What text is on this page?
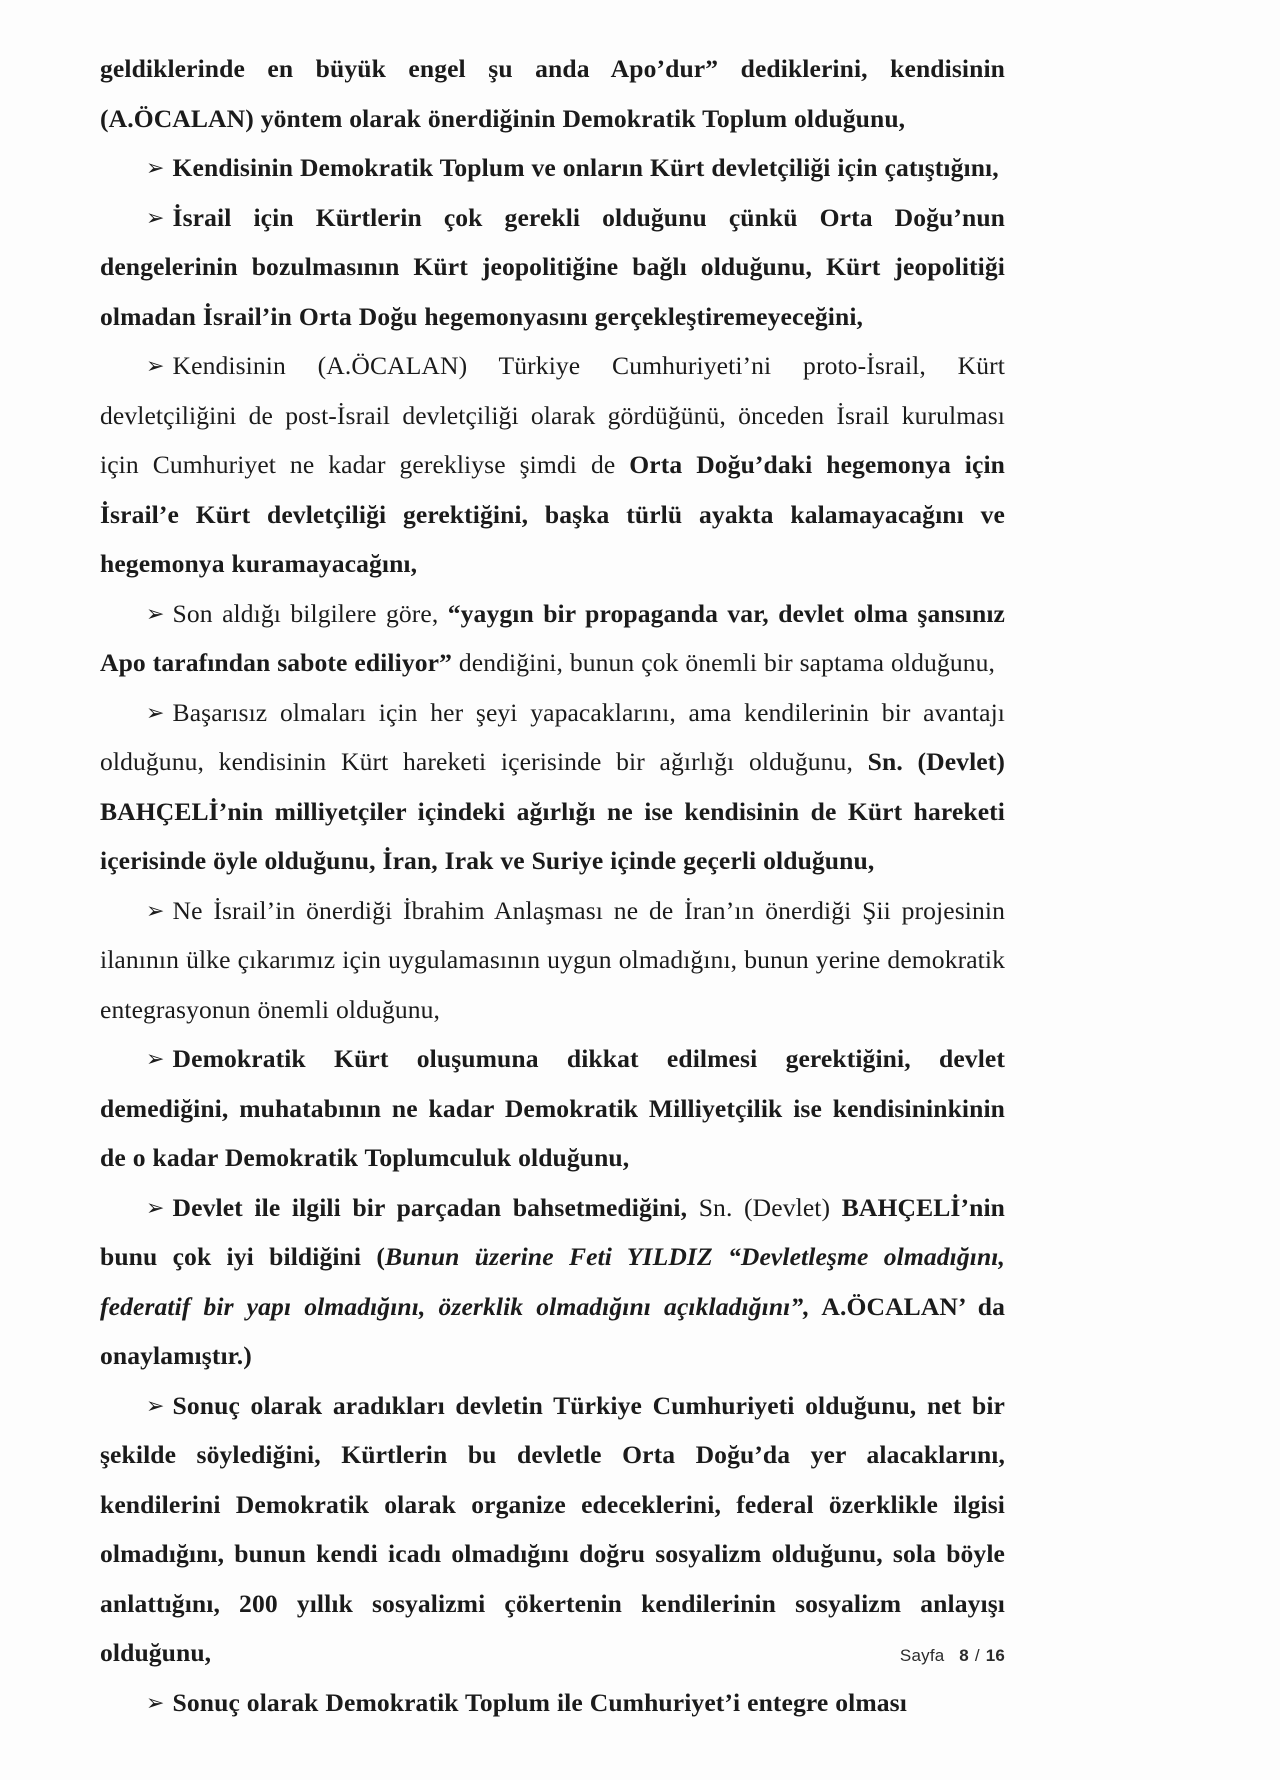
geldiklerinde en büyük engel şu anda Apo’dur” dediklerini, kendisinin (A.ÖCALAN) yöntem olarak önerdiğinin Demokratik Toplum olduğunu,

➢ Kendisinin Demokratik Toplum ve onların Kürt devletçiliği için çatıştığını,

➢ İsrail için Kürtlerin çok gerekli olduğunu çünkü Orta Doğu’nun dengelerinin bozulmasının Kürt jeopolitiğine bağlı olduğunu, Kürt jeopolitiği olmadan İsrail’in Orta Doğu hegemonyasını gerçekleştiremeyeceğini,

➢ Kendisinin (A.ÖCALAN) Türkiye Cumhuriyeti’ni proto-İsrail, Kürt devletçiliğini de post-İsrail devletçiliği olarak gördüğünü, önceden İsrail kurulması için Cumhuriyet ne kadar gerekliyse şimdi de Orta Doğu’daki hegemonya için İsrail’e Kürt devletçiliği gerektiğini, başka türlü ayakta kalamayacağını ve hegemonya kuramayacağını,

➢ Son aldığı bilgilere göre, “yaygın bir propaganda var, devlet olma şansınız Apo tarafından sabote ediliyor” dendiğini, bunun çok önemli bir saptama olduğunu,

➢ Başarısız olmaları için her şeyi yapacaklarını, ama kendilerinin bir avantajı olduğunu, kendisinin Kürt hareketi içerisinde bir ağırlığı olduğunu, Sn. (Devlet) BAHÇELİ’nin milliyetçiler içindeki ağırlığı ne ise kendisinin de Kürt hareketi içerisinde öyle olduğunu, İran, Irak ve Suriye içinde geçerli olduğunu,

➢ Ne İsrail’in önerdiği İbrahim Anlaşması ne de İran’ın önerdiği Şii projesinin ilanının ülke çıkarımız için uygulamasının uygun olmadığını, bunun yerine demokratik entegrasyonun önemli olduğunu,

➢ Demokratik Kürt oluşumuna dikkat edilmesi gerektiğini, devlet demediğini, muhatabının ne kadar Demokratik Milliyetçilik ise kendisininkinin de o kadar Demokratik Toplumculuk olduğunu,

➢ Devlet ile ilgili bir parçadan bahsetmediğini, Sn. (Devlet) BAHÇELİ’nin bunu çok iyi bildiğini (Bunun üzerine Feti YILDIZ “Devletleşme olmadığını, federatif bir yapı olmadığını, özerklik olmadığını açıkladığını”, A.ÖCALAN’ da onaylamıştır.)

➢ Sonuç olarak aradıkları devletin Türkiye Cumhuriyeti olduğunu, net bir şekilde söylediğini, Kürtlerin bu devletle Orta Doğu’da yer alacaklarını, kendilerini Demokratik olarak organize edeceklerini, federal özerklikle ilgisi olmadığını, bunun kendi icadı olmadığını doğru sosyalizm olduğunu, sola böyle anlattığını, 200 yıllık sosyalizmi çökertenin kendilerinin sosyalizm anlayışı olduğunu,

➢ Sonuç olarak Demokratik Toplum ile Cumhuriyet’i entegre olması

Sayfa 8 / 16
